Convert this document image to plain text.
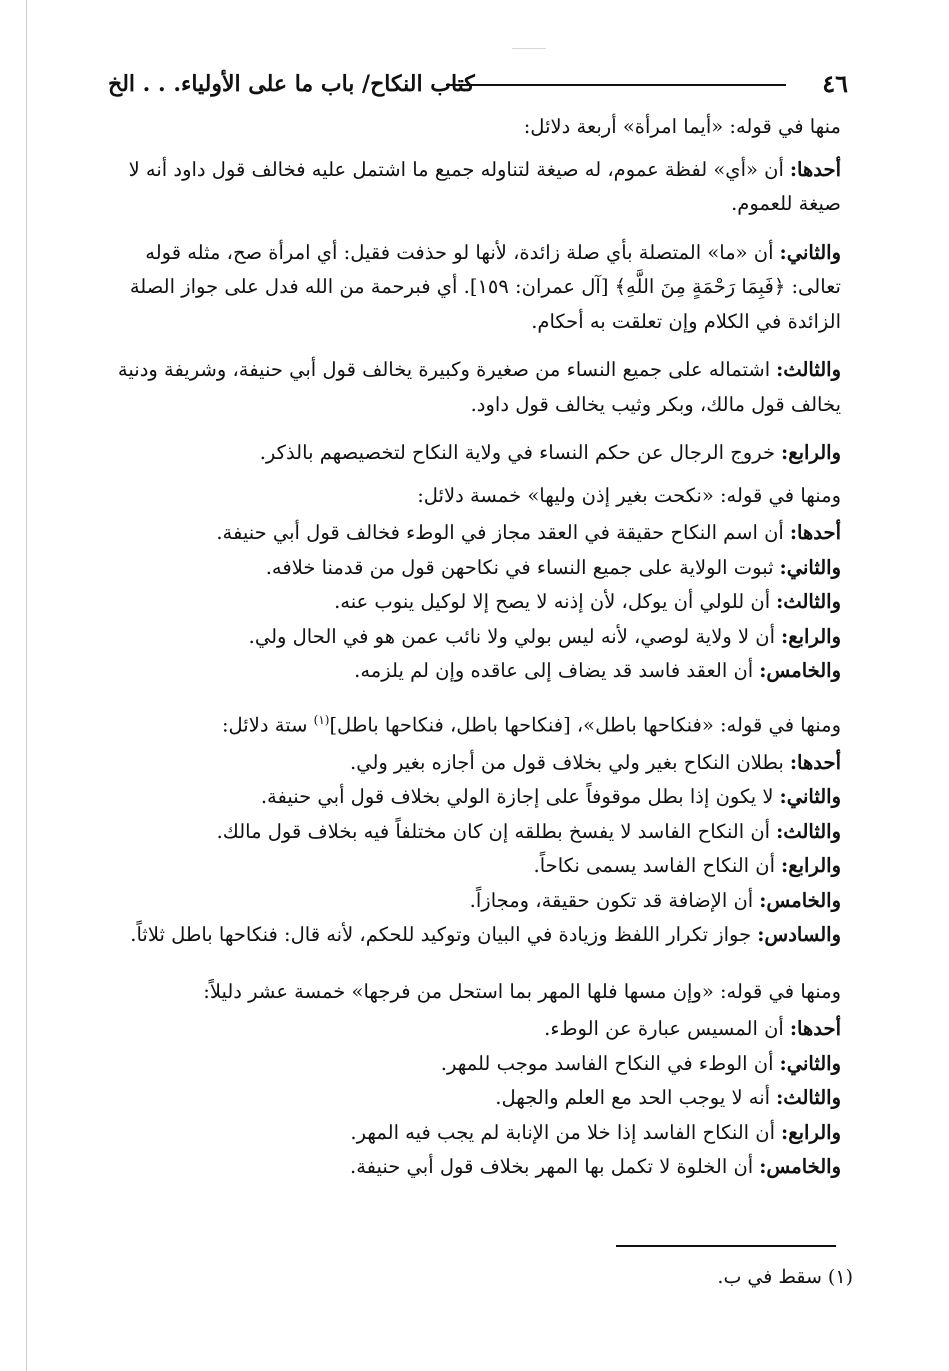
٤٦
كتاب النكاح/ باب ما على الأولياء. . . الخ

منها في قوله: «أيما امرأة» أربعة دلائل:

أحدها:أن «أي» لفظة عموم، له صيغة لتناوله جميع ما اشتمل عليه فخالف قول داود أنه لا صيغة للعموم.

والثاني:أن «ما» المتصلة بأي صلة زائدة، لأنها لو حذفت فقيل: أي امرأة صح، مثله قوله تعالى: ﴿فَبِمَا رَحْمَةٍ مِنَ اللَّهِ﴾ [آل عمران: ١٥٩]. أي فبرحمة من الله فدل على جواز الصلة الزائدة في الكلام وإن تعلقت به أحكام.

والثالث:اشتماله على جميع النساء من صغيرة وكبيرة يخالف قول أبي حنيفة، وشريفة ودنية يخالف قول مالك، وبكر وثيب يخالف قول داود.

والرابع:خروج الرجال عن حكم النساء في ولاية النكاح لتخصيصهم بالذكر.

ومنها في قوله: «نكحت بغير إذن وليها» خمسة دلائل:

أحدها:أن اسم النكاح حقيقة في العقد مجاز في الوطء فخالف قول أبي حنيفة.

والثاني:ثبوت الولاية على جميع النساء في نكاحهن قول من قدمنا خلافه.

والثالث:أن للولي أن يوكل، لأن إذنه لا يصح إلا لوكيل ينوب عنه.

والرابع:أن لا ولاية لوصي، لأنه ليس بولي ولا نائب عمن هو في الحال ولي.

والخامس:أن العقد فاسد قد يضاف إلى عاقده وإن لم يلزمه.

ومنها في قوله: «فنكاحها باطل»، [فنكاحها باطل، فنكاحها باطل]$^{(١)}$ ستة دلائل:

أحدها:بطلان النكاح بغير ولي بخلاف قول من أجازه بغير ولي.

والثاني:لا يكون إذا بطل موقوفاً على إجازة الولي بخلاف قول أبي حنيفة.

والثالث:أن النكاح الفاسد لا يفسخ بطلقه إن كان مختلفاً فيه بخلاف قول مالك.

والرابع:أن النكاح الفاسد يسمى نكاحاً.

والخامس:أن الإضافة قد تكون حقيقة، ومجازاً.

والسادس:جواز تكرار اللفظ وزيادة في البيان وتوكيد للحكم، لأنه قال: فنكاحها باطل ثلاثاً.

ومنها في قوله: «وإن مسها فلها المهر بما استحل من فرجها» خمسة عشر دليلاً:

أحدها:أن المسيس عبارة عن الوطء.

والثاني:أن الوطء في النكاح الفاسد موجب للمهر.

والثالث:أنه لا يوجب الحد مع العلم والجهل.

والرابع:أن النكاح الفاسد إذا خلا من الإنابة لم يجب فيه المهر.

والخامس:أن الخلوة لا تكمل بها المهر بخلاف قول أبي حنيفة.

(١) سقط في ب.
